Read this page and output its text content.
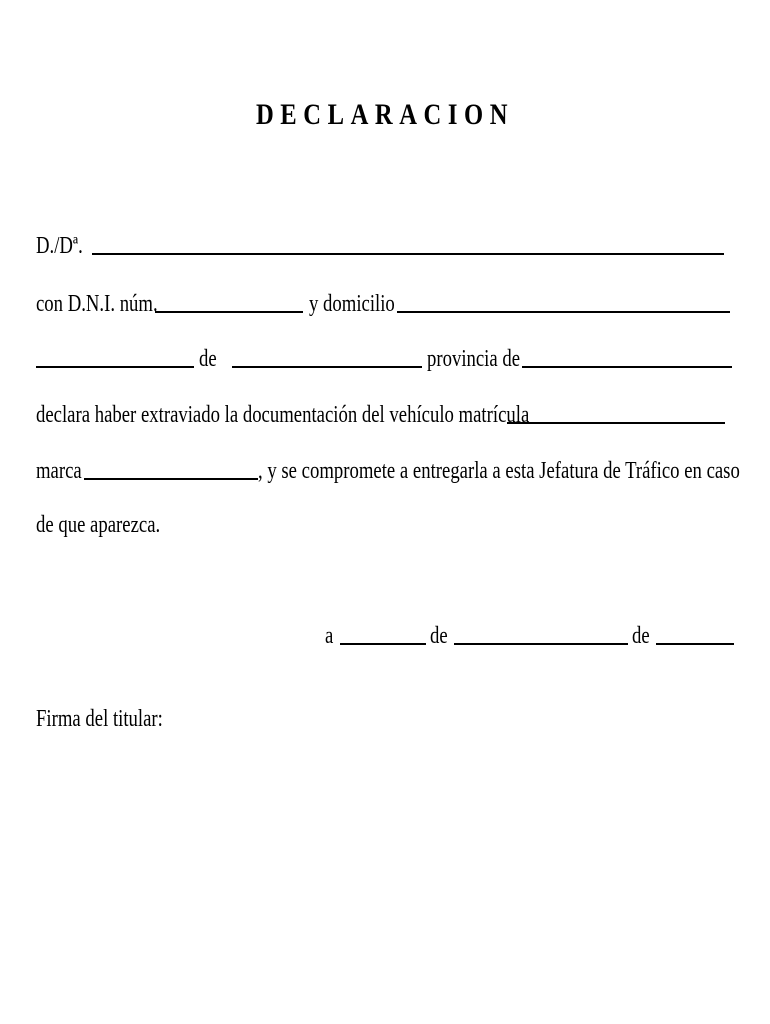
DECLARACION
D./Dª.
con D.N.I. núm.	y domicilio
de	provincia de
declara haber extraviado la documentación del vehículo matrícula
marca	, y se compromete a entregarla a esta Jefatura de Tráfico en caso
de que aparezca.
a	de	de
Firma del titular:
